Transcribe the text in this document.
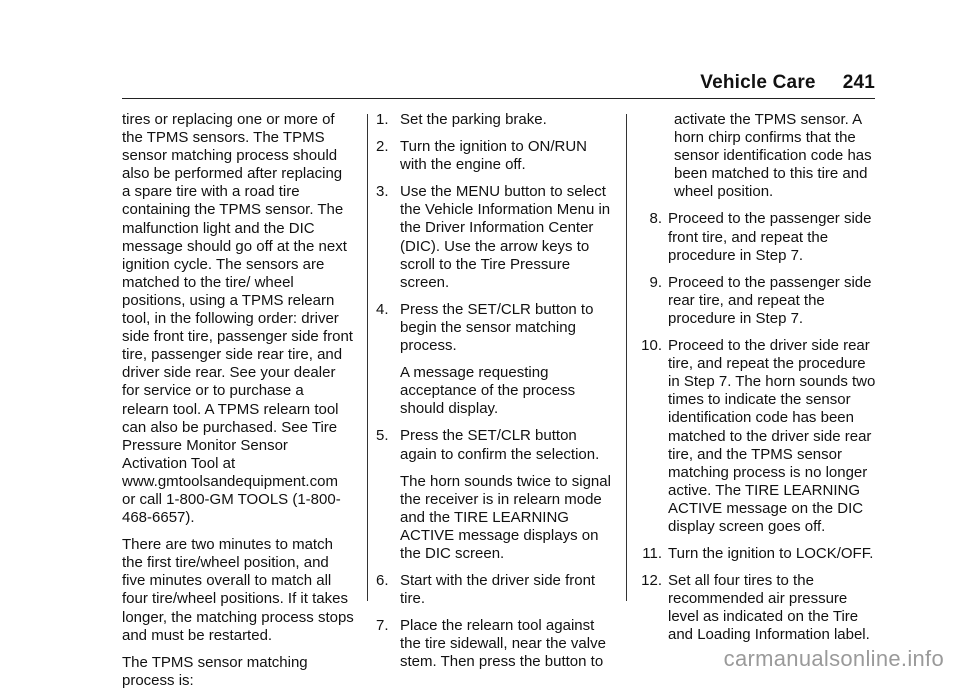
Vehicle Care 241

tires or replacing one or more of the TPMS sensors. The TPMS sensor matching process should also be performed after replacing a spare tire with a road tire containing the TPMS sensor. The malfunction light and the DIC message should go off at the next ignition cycle. The sensors are matched to the tire/ wheel positions, using a TPMS relearn tool, in the following order: driver side front tire, passenger side front tire, passenger side rear tire, and driver side rear. See your dealer for service or to purchase a relearn tool. A TPMS relearn tool can also be purchased. See Tire Pressure Monitor Sensor Activation Tool at www.gmtoolsandequipment.com or call 1-800-GM TOOLS (1-800-468-6657).

There are two minutes to match the first tire/wheel position, and five minutes overall to match all four tire/wheel positions. If it takes longer, the matching process stops and must be restarted.

The TPMS sensor matching process is:

1. Set the parking brake.

2. Turn the ignition to ON/RUN with the engine off.

3. Use the MENU button to select the Vehicle Information Menu in the Driver Information Center (DIC). Use the arrow keys to scroll to the Tire Pressure screen.

4. Press the SET/CLR button to begin the sensor matching process.

A message requesting acceptance of the process should display.

5. Press the SET/CLR button again to confirm the selection.

The horn sounds twice to signal the receiver is in relearn mode and the TIRE LEARNING ACTIVE message displays on the DIC screen.

6. Start with the driver side front tire.

7. Place the relearn tool against the tire sidewall, near the valve stem. Then press the button to

activate the TPMS sensor. A horn chirp confirms that the sensor identification code has been matched to this tire and wheel position.
8. Proceed to the passenger side front tire, and repeat the procedure in Step 7.

9. Proceed to the passenger side rear tire, and repeat the procedure in Step 7.

10. Proceed to the driver side rear tire, and repeat the procedure in Step 7. The horn sounds two times to indicate the sensor identification code has been matched to the driver side rear tire, and the TPMS sensor matching process is no longer active. The TIRE LEARNING ACTIVE message on the DIC display screen goes off.

11. Turn the ignition to LOCK/OFF.

12. Set all four tires to the recommended air pressure level as indicated on the Tire and Loading Information label.

carmanualsonline.info
